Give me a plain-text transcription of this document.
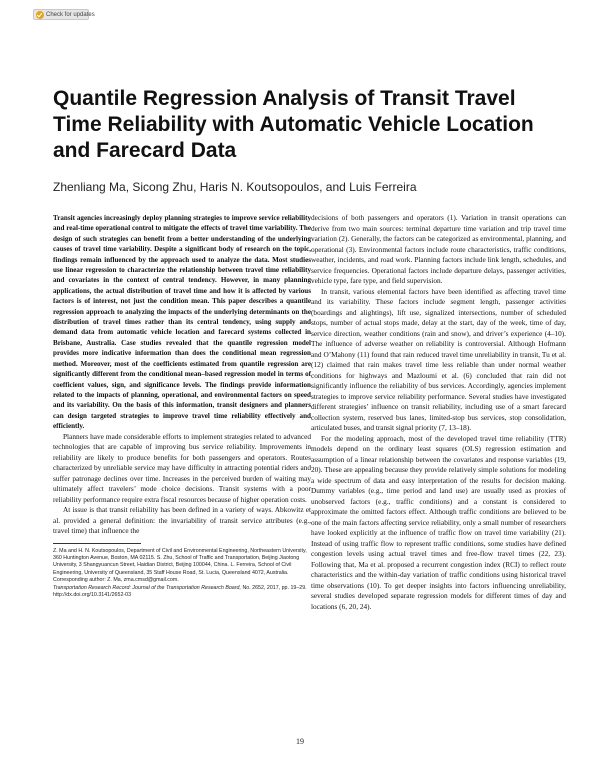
Check for updates
Quantile Regression Analysis of Transit Travel Time Reliability with Automatic Vehicle Location and Farecard Data

Zhenliang Ma, Sicong Zhu, Haris N. Koutsopoulos, and Luis Ferreira

Transit agencies increasingly deploy planning strategies to improve service reliability and real-time operational control to mitigate the effects of travel time variability. The design of such strategies can benefit from a better understanding of the underlying causes of travel time variability. Despite a significant body of research on the topic, findings remain influenced by the approach used to analyze the data. Most studies use linear regression to characterize the relationship between travel time reliability and covariates in the context of central tendency. However, in many planning applications, the actual distribution of travel time and how it is affected by various factors is of interest, not just the condition mean. This paper describes a quantile regression approach to analyzing the impacts of the underlying determinants on the distribution of travel times rather than its central tendency, using supply and demand data from automatic vehicle location and farecard systems collected in Brisbane, Australia. Case studies revealed that the quantile regression model provides more indicative information than does the conditional mean regression method. Moreover, most of the coefficients estimated from quantile regression are significantly different from the conditional mean–based regression model in terms of coefficient values, sign, and significance levels. The findings provide information related to the impacts of planning, operational, and environmental factors on speed and its variability. On the basis of this information, transit designers and planners can design targeted strategies to improve travel time reliability effectively and efficiently.

Planners have made considerable efforts to implement strategies related to advanced technologies that are capable of improving bus service reliability. Improvements in reliability are likely to produce benefits for both passengers and operators. Routes characterized by unreliable service may have difficulty in attracting potential riders and suffer patronage declines over time. Increases in the perceived burden of waiting may ultimately affect travelers’ mode choice decisions. Transit systems with a poor reliability performance require extra fiscal resources because of higher operation costs.

At issue is that transit reliability has been defined in a variety of ways. Abkowitz et al. provided a general definition: the invariability of transit service attributes (e.g., travel time) that influence the

Z. Ma and H. N. Koutsopoulos, Department of Civil and Environmental Engineering, Northeastern University, 360 Huntington Avenue, Boston, MA 02115. S. Zhu, School of Traffic and Transportation, Beijing Jiaotong University, 3 Shangyuancun Street, Haidian District, Beijing 100044, China. L. Ferreira, School of Civil Engineering, University of Queensland, 35 Staff House Road, St. Lucia, Queensland 4072, Australia. Corresponding author: Z. Ma, zma.cmsd@gmail.com.

Transportation Research Record: Journal of the Transportation Research Board, No. 2652, 2017, pp. 19–29.
http://dx.doi.org/10.3141/2652-03

decisions of both passengers and operators (1). Variation in transit operations can derive from two main sources: terminal departure time variation and trip travel time variation (2). Generally, the factors can be categorized as environmental, planning, and operational (3). Environmental factors include route characteristics, traffic conditions, weather, incidents, and road work. Planning factors include link length, schedules, and service frequencies. Operational factors include departure delays, passenger activities, vehicle type, fare type, and field supervision.

In transit, various elemental factors have been identified as affecting travel time and its variability. These factors include segment length, passenger activities (boardings and alightings), lift use, signalized intersections, number of scheduled stops, number of actual stops made, delay at the start, day of the week, time of day, service direction, weather conditions (rain and snow), and driver’s experience (4–10). The influence of adverse weather on reliability is controversial. Although Hofmann and O’Mahony (11) found that rain reduced travel time unreliability in transit, Tu et al. (12) claimed that rain makes travel time less reliable than under normal weather conditions for highways and Mazloumi et al. (6) concluded that rain did not significantly influence the reliability of bus services. Accordingly, agencies implement strategies to improve service reliability performance. Several studies have investigated different strategies’ influence on transit reliability, including use of a smart farecard collection system, reserved bus lanes, limited-stop bus services, stop consolidation, articulated buses, and transit signal priority (7, 13–18).

For the modeling approach, most of the developed travel time reliability (TTR) models depend on the ordinary least squares (OLS) regression estimation and assumption of a linear relationship between the covariates and response variables (19, 20). These are appealing because they provide relatively simple solutions for modeling a wide spectrum of data and easy interpretation of the results for decision making. Dummy variables (e.g., time period and land use) are usually used as proxies of unobserved factors (e.g., traffic conditions) and a constant is considered to approximate the omitted factors effect. Although traffic conditions are believed to be one of the main factors affecting service reliability, only a small number of researchers have looked explicitly at the influence of traffic flow on travel time variability (21). Instead of using traffic flow to represent traffic conditions, some studies have defined congestion levels using actual travel times and free-flow travel times (22, 23). Following that, Ma et al. proposed a recurrent congestion index (RCI) to reflect route characteristics and the within-day variation of traffic conditions using historical travel time observations (10). To get deeper insights into factors influencing unreliability, several studies developed separate regression models for different times of day and locations (6, 20, 24).

19
